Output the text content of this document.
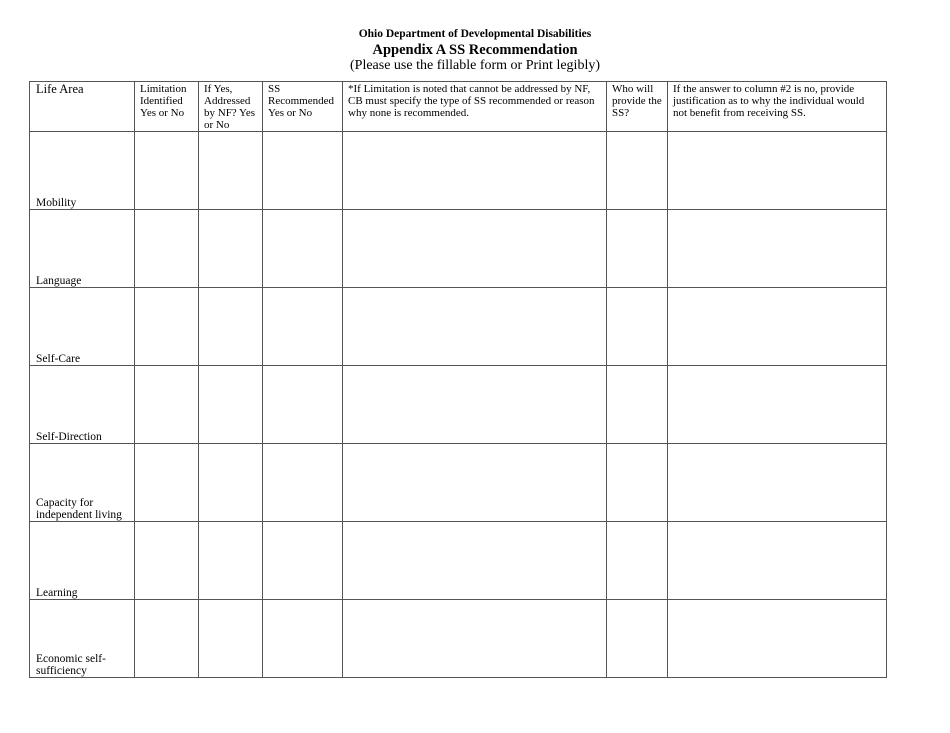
Ohio Department of Developmental Disabilities
Appendix A SS Recommendation
(Please use the fillable form or Print legibly)
Life Area	Limitation Identified Yes or No	If Yes, Addressed by NF? Yes or No	SS Recommended Yes or No	*If Limitation is noted that cannot be addressed by NF, CB must specify the type of SS recommended or reason why none is recommended.	Who will provide the SS?	If the answer to column #2 is no, provide justification as to why the individual would not benefit from receiving SS.

Mobility						

Language						

Self-Care						

Self-Direction						

Capacity for independent living						

Learning						

Economic self-sufficiency						
